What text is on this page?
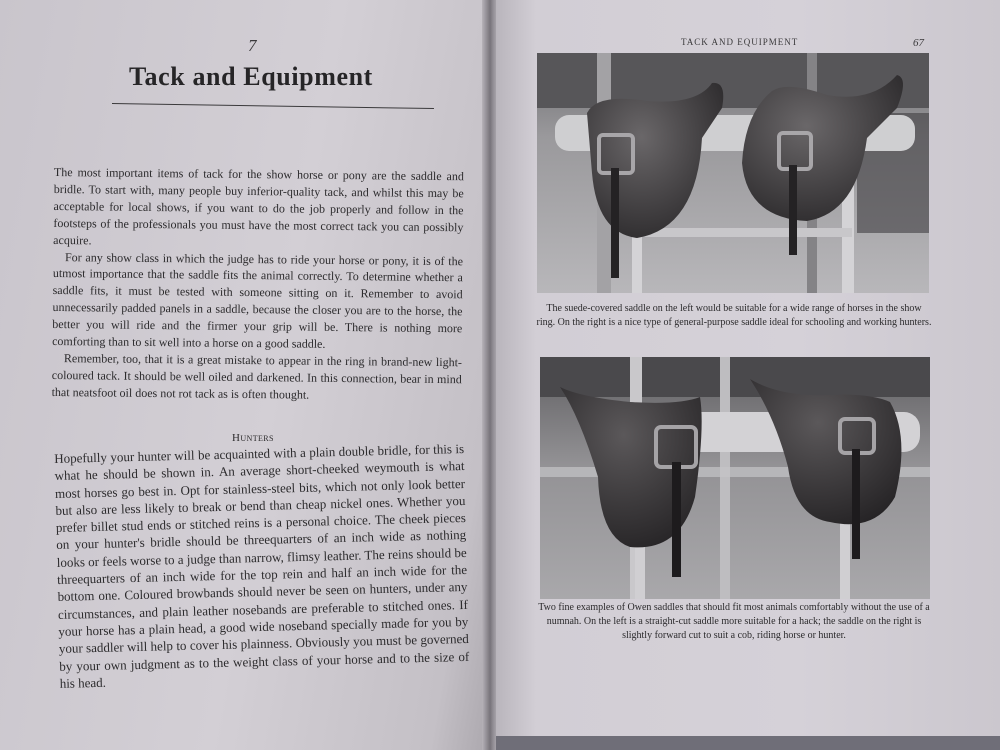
7
Tack and Equipment

The most important items of tack for the show horse or pony are the saddle and bridle. To start with, many people buy inferior-quality tack, and whilst this may be acceptable for local shows, if you want to do the job properly and follow in the footsteps of the professionals you must have the most correct tack you can possibly acquire.

For any show class in which the judge has to ride your horse or pony, it is of the utmost importance that the saddle fits the animal correctly. To determine whether a saddle fits, it must be tested with someone sitting on it. Remember to avoid unnecessarily padded panels in a saddle, because the closer you are to the horse, the better you will ride and the firmer your grip will be. There is nothing more comforting than to sit well into a horse on a good saddle.

Remember, too, that it is a great mistake to appear in the ring in brand-new light-coloured tack. It should be well oiled and darkened. In this connection, bear in mind that neatsfoot oil does not rot tack as is often thought.

Hunters

Hopefully your hunter will be acquainted with a plain double bridle, for this is what he should be shown in. An average short-cheeked weymouth is what most horses go best in. Opt for stainless-steel bits, which not only look better but also are less likely to break or bend than cheap nickel ones. Whether you prefer billet stud ends or stitched reins is a personal choice. The cheek pieces on your hunter's bridle should be threequarters of an inch wide as nothing looks or feels worse to a judge than narrow, flimsy leather. The reins should be threequarters of an inch wide for the top rein and half an inch wide for the bottom one. Coloured browbands should never be seen on hunters, under any circumstances, and plain leather nosebands are preferable to stitched ones. If your horse has a plain head, a good wide noseband specially made for you by your saddler will help to cover his plainness. Obviously you must be governed by your own judgment as to the weight class of your horse and to the size of his head.

TACK AND EQUIPMENT	67
The suede-covered saddle on the left would be suitable for a wide range of horses in the show ring. On the right is a nice type of general-purpose saddle ideal for schooling and working hunters.
Two fine examples of Owen saddles that should fit most animals comfortably without the use of a numnah. On the left is a straight-cut saddle more suitable for a hack; the saddle on the right is slightly forward cut to suit a cob, riding horse or hunter.
